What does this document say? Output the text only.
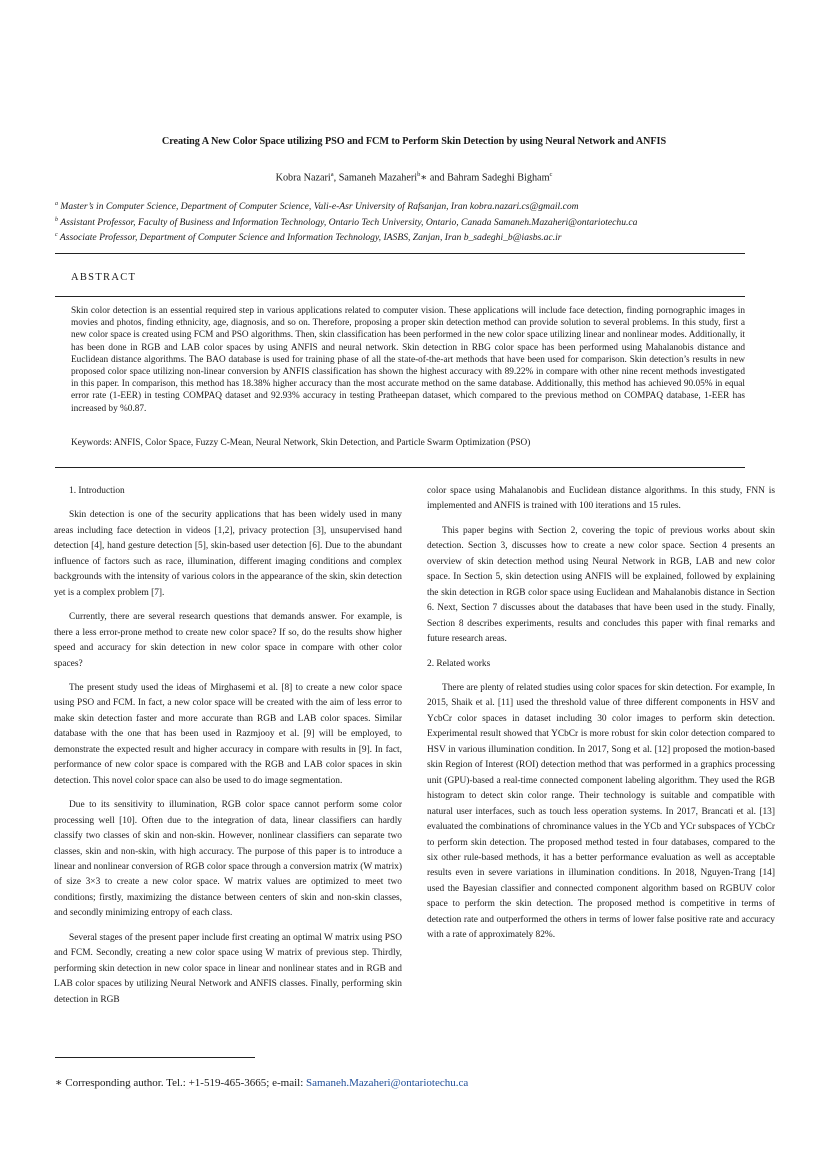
Creating A New Color Space utilizing PSO and FCM to Perform Skin Detection by using Neural Network and ANFIS
Kobra Nazari$^a$, Samaneh Mazaheri$^b$∗ and Bahram Sadeghi Bigham$^c$
$^a$ Master’s in Computer Science, Department of Computer Science, Vali-e-Asr University of Rafsanjan, Iran kobra.nazari.cs@gmail.com
$^b$ Assistant Professor, Faculty of Business and Information Technology, Ontario Tech University, Ontario, Canada Samaneh.Mazaheri@ontariotechu.ca
$^c$ Associate Professor, Department of Computer Science and Information Technology, IASBS, Zanjan, Iran b_sadeghi_b@iasbs.ac.ir
ABSTRACT

Skin color detection is an essential required step in various applications related to computer vision. These applications will include face detection, finding pornographic images in movies and photos, finding ethnicity, age, diagnosis, and so on. Therefore, proposing a proper skin detection method can provide solution to several problems. In this study, first a new color space is created using FCM and PSO algorithms. Then, skin classification has been performed in the new color space utilizing linear and nonlinear modes. Additionally, it has been done in RGB and LAB color spaces by using ANFIS and neural network. Skin detection in RBG color space has been performed using Mahalanobis distance and Euclidean distance algorithms. The BAO database is used for training phase of all the state-of-the-art methods that have been used for comparison. Skin detection’s results in new proposed color space utilizing non-linear conversion by ANFIS classification has shown the highest accuracy with 89.22% in compare with other nine recent methods investigated in this paper. In comparison, this method has 18.38% higher accuracy than the most accurate method on the same database. Additionally, this method has achieved 90.05% in equal error rate (1-EER) in testing COMPAQ dataset and 92.93% accuracy in testing Pratheepan dataset, which compared to the previous method on COMPAQ database, 1-EER has increased by %0.87.

Keywords: ANFIS, Color Space, Fuzzy C-Mean, Neural Network, Skin Detection, and Particle Swarm Optimization (PSO)
1. Introduction

Skin detection is one of the security applications that has been widely used in many areas including face detection in videos [1,2], privacy protection [3], unsupervised hand detection [4], hand gesture detection [5], skin-based user detection [6]. Due to the abundant influence of factors such as race, illumination, different imaging conditions and complex backgrounds with the intensity of various colors in the appearance of the skin, skin detection yet is a complex problem [7].

Currently, there are several research questions that demands answer. For example, is there a less error-prone method to create new color space? If so, do the results show higher speed and accuracy for skin detection in new color space in compare with other color spaces?

The present study used the ideas of Mirghasemi et al. [8] to create a new color space using PSO and FCM. In fact, a new color space will be created with the aim of less error to make skin detection faster and more accurate than RGB and LAB color spaces. Similar database with the one that has been used in Razmjooy et al. [9] will be employed, to demonstrate the expected result and higher accuracy in compare with results in [9]. In fact, performance of new color space is compared with the RGB and LAB color spaces in skin detection. This novel color space can also be used to do image segmentation.

Due to its sensitivity to illumination, RGB color space cannot perform some color processing well [10]. Often due to the integration of data, linear classifiers can hardly classify two classes of skin and non-skin. However, nonlinear classifiers can separate two classes, skin and non-skin, with high accuracy. The purpose of this paper is to introduce a linear and nonlinear conversion of RGB color space through a conversion matrix (W matrix) of size 3×3 to create a new color space. W matrix values are optimized to meet two conditions; firstly, maximizing the distance between centers of skin and non-skin classes, and secondly minimizing entropy of each class.

Several stages of the present paper include first creating an optimal W matrix using PSO and FCM. Secondly, creating a new color space using W matrix of previous step. Thirdly, performing skin detection in new color space in linear and nonlinear states and in RGB and LAB color spaces by utilizing Neural Network and ANFIS classes. Finally, performing skin detection in RGB

color space using Mahalanobis and Euclidean distance algorithms. In this study, FNN is implemented and ANFIS is trained with 100 iterations and 15 rules.

This paper begins with Section 2, covering the topic of previous works about skin detection. Section 3, discusses how to create a new color space. Section 4 presents an overview of skin detection method using Neural Network in RGB, LAB and new color space. In Section 5, skin detection using ANFIS will be explained, followed by explaining the skin detection in RGB color space using Euclidean and Mahalanobis distance in Section 6. Next, Section 7 discusses about the databases that have been used in the study. Finally, Section 8 describes experiments, results and concludes this paper with final remarks and future research areas.

2. Related works

There are plenty of related studies using color spaces for skin detection. For example, In 2015, Shaik et al. [11] used the threshold value of three different components in HSV and YcbCr color spaces in dataset including 30 color images to perform skin detection. Experimental result showed that YCbCr is more robust for skin color detection compared to HSV in various illumination condition. In 2017, Song et al. [12] proposed the motion-based skin Region of Interest (ROI) detection method that was performed in a graphics processing unit (GPU)-based a real-time connected component labeling algorithm. They used the RGB histogram to detect skin color range. Their technology is suitable and compatible with natural user interfaces, such as touch less operation systems. In 2017, Brancati et al. [13] evaluated the combinations of chrominance values in the YCb and YCr subspaces of YCbCr to perform skin detection. The proposed method tested in four databases, compared to the six other rule-based methods, it has a better performance evaluation as well as acceptable results even in severe variations in illumination conditions. In 2018, Nguyen-Trang [14] used the Bayesian classifier and connected component algorithm based on RGBUV color space to perform the skin detection. The proposed method is competitive in terms of detection rate and outperformed the others in terms of lower false positive rate and accuracy with a rate of approximately 82%.

∗ Corresponding author. Tel.: +1-519-465-3665; e-mail: Samaneh.Mazaheri@ontariotechu.ca
